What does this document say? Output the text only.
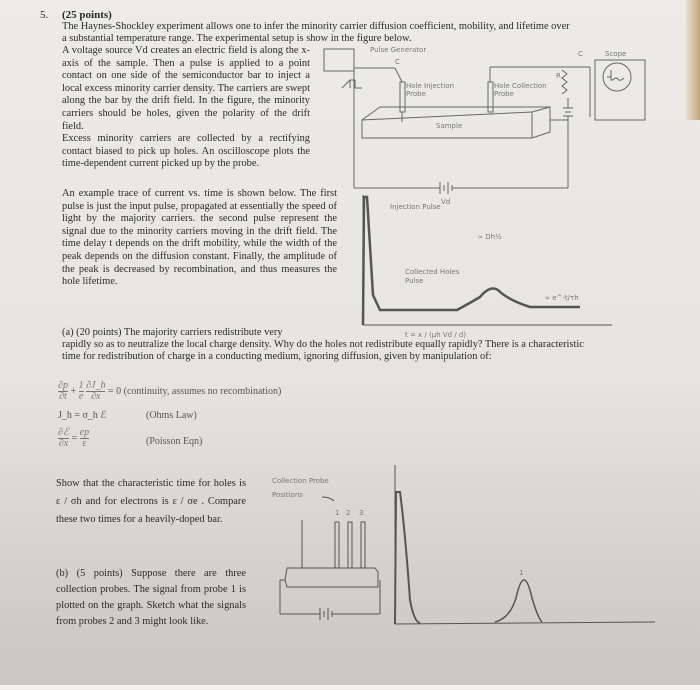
5. (25 points)
The Haynes-Shockley experiment allows one to infer the minority carrier diffusion coefficient, mobility, and lifetime over
a substantial temperature range. The experimental setup is show in the figure below.
A voltage source Vd creates an electric field is along the x-axis of the sample. Then a pulse is applied to a point contact on one side of the semiconductor bar to inject a local excess minority carrier density. The carriers are swept along the bar by the drift field. In the figure, the minority carriers should be holes, given the polarity of the drift field.
Excess minority carriers are collected by a rectifying contact biased to pick up holes. An oscilloscope plots the time-dependent current picked up by the probe.
An example trace of current vs. time is shown below. The first pulse is just the input pulse, propagated at essentially the speed of light by the majority carriers. the second pulse represent the signal due to the minority carriers moving in the drift field. The time delay t depends on the drift mobility, while the width of the peak depends on the diffusion constant. Finally, the amplitude of the peak is decreased by recombination, and thus measures the hole lifetime.
Pulse Generator
C
Hole Injection
Probe
Hole Collection
Probe
R
C	Scope
Sample
Vd
Injection Pulse
∝ Dh½
Collected Holes
Pulse
∝ e^-t/τh
t = x / (μh Vd / d)
(a) (20 points) The majority carriers redistribute very
rapidly so as to neutralize the local charge density. Why do the holes not redistribute equally rapidly? There is a characteristic
time for redistribution of charge in a conducting medium, ignoring diffusion, given by manipulation of:
$\frac{\partial p}{\partial t} + \frac{1}{e}$
$\frac{\partial J\_h}{\partial x} = 0$ (continuity, assumes no recombination)
J_h = σ_h ℰ	(Ohms Law)
$\frac{\text{∂ℰ}}{\partial x} = \frac{ep}{\varepsilon}$	(Poisson Eqn)
Show that the characteristic time for holes is ε / σh and for electrons is ε / σe . Compare these two times for a heavily-doped bar.
(b) (5 points) Suppose there are three collection probes. The signal from probe 1 is plotted on the graph. Sketch what the signals from probes 2 and 3 might look like.
Collection Probe
Positions
1 2 3
1
